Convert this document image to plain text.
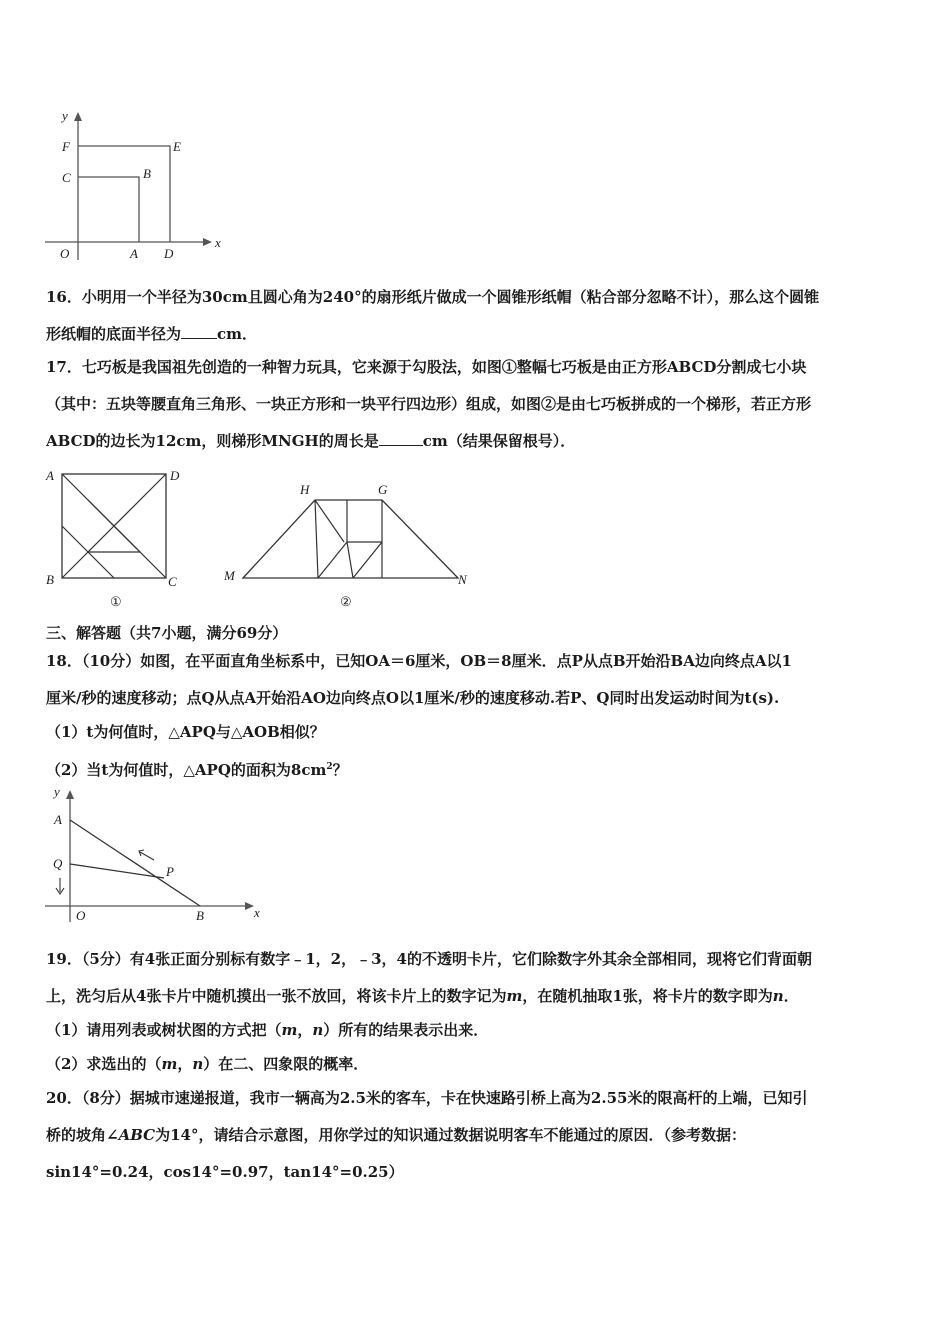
y
x
F	E
C	B
O	A D
16．小明用一个半径为30cm且圆心角为240°的扇形纸片做成一个圆锥形纸帽（粘合部分忽略不计），那么这个圆锥
形纸帽的底面半径为 cm．
17．七巧板是我国祖先创造的一种智力玩具，它来源于勾股法，如图①整幅七巧板是由正方形ABCD分割成七小块
（其中：五块等腰直角三角形、一块正方形和一块平行四边形）组成，如图②是由七巧板拼成的一个梯形，若正方形
ABCD的边长为12cm，则梯形MNGH的周长是	cm（结果保留根号）．
A	D
B	C
①
H	G
M	N
②
三、解答题（共7小题，满分69分）
18．（10分）如图，在平面直角坐标系中，已知OA＝6厘米，OB＝8厘米．点P从点B开始沿BA边向终点A以1
厘米/秒的速度移动；点Q从点A开始沿AO边向终点O以1厘米/秒的速度移动.若P、Q同时出发运动时间为t(s).
（1）t为何值时，△APQ与△AOB相似？
（2）当t为何值时，△APQ的面积为$8cm^2$？
y
A
Q
P
O	B	x
19．（5分）有4张正面分别标有数字﹣1，2，﹣3，4的不透明卡片，它们除数字外其余全部相同，现将它们背面朝
上，洗匀后从4张卡片中随机摸出一张不放回，将该卡片上的数字记为m，在随机抽取1张，将卡片的数字即为n．
（1）请用列表或树状图的方式把（m，n）所有的结果表示出来．
（2）求选出的（m，n）在二、四象限的概率．
20．（8分）据城市速递报道，我市一辆高为2.5米的客车，卡在快速路引桥上高为2.55米的限高杆的上端，已知引
桥的坡角∠ABC为14°，请结合示意图，用你学过的知识通过数据说明客车不能通过的原因．（参考数据：
sin14°=0.24，cos14°=0.97，tan14°=0.25）
